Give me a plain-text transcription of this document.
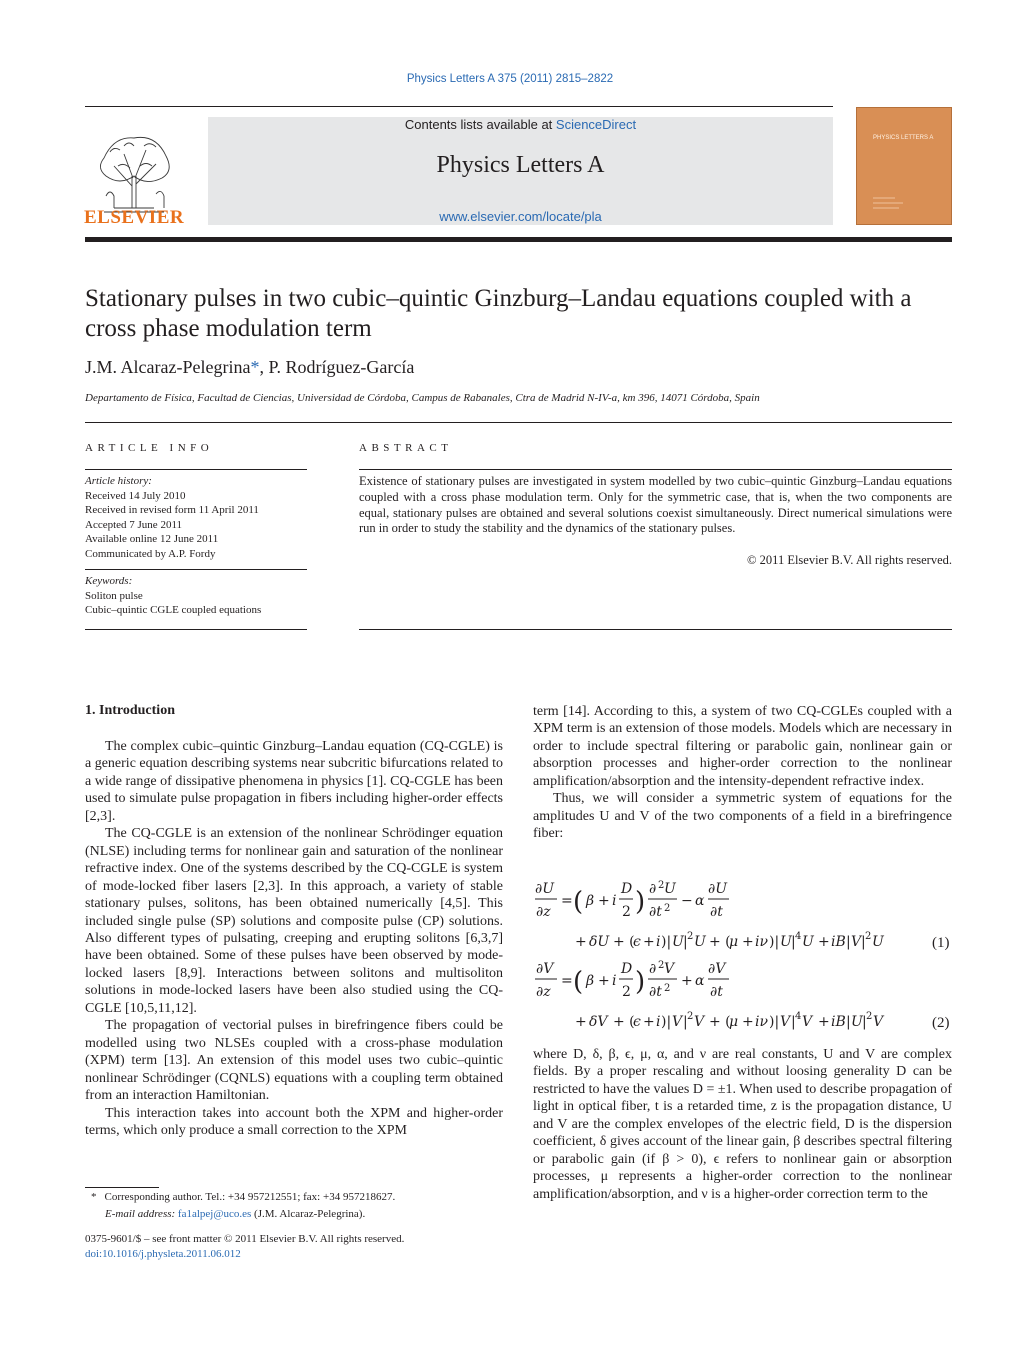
Physics Letters A 375 (2011) 2815–2822
ELSEVIER
Contents lists available at ScienceDirect
Physics Letters A
www.elsevier.com/locate/pla
PHYSICS LETTERS A
Stationary pulses in two cubic–quintic Ginzburg–Landau equations coupled with a cross phase modulation term
J.M. Alcaraz-Pelegrina*, P. Rodríguez-García
Departamento de Física, Facultad de Ciencias, Universidad de Córdoba, Campus de Rabanales, Ctra de Madrid N-IV-a, km 396, 14071 Córdoba, Spain
ARTICLE INFO	ABSTRACT
Article history:
Received 14 July 2010
Received in revised form 11 April 2011
Accepted 7 June 2011
Available online 12 June 2011
Communicated by A.P. Fordy
Keywords:
Soliton pulse
Cubic–quintic CGLE coupled equations
Existence of stationary pulses are investigated in system modelled by two cubic–quintic Ginzburg–Landau equations coupled with a cross phase modulation term. Only for the symmetric case, that is, when the two components are equal, stationary pulses are obtained and several solutions coexist simultaneously. Direct numerical simulations were run in order to study the stability and the dynamics of the stationary pulses.
© 2011 Elsevier B.V. All rights reserved.
1. Introduction

The complex cubic–quintic Ginzburg–Landau equation (CQ-CGLE) is a generic equation describing systems near subcritic bifurcations related to a wide range of dissipative phenomena in physics [1]. CQ-CGLE has been used to simulate pulse propagation in fibers including higher-order effects [2,3].

The CQ-CGLE is an extension of the nonlinear Schrödinger equation (NLSE) including terms for nonlinear gain and saturation of the nonlinear refractive index. One of the systems described by the CQ-CGLE is system of mode-locked fiber lasers [2,3]. In this approach, a variety of stable stationary pulses, solitons, has been obtained numerically [4,5]. This included single pulse (SP) solutions and composite pulse (CP) solutions. Also different types of pulsating, creeping and erupting solitons [6,3,7] have been obtained. Some of these pulses have been observed by mode-locked lasers [8,9]. Interactions between solitons and multisoliton solutions in mode-locked lasers have been also studied using the CQ-CGLE [10,5,11,12].

The propagation of vectorial pulses in birefringence fibers could be modelled using two NLSEs coupled with a cross-phase modulation (XPM) term [13]. An extension of this model uses two cubic–quintic nonlinear Schrödinger (CQNLS) equations with a coupling term obtained from an interaction Hamiltonian.

This interaction takes into account both the XPM and higher-order terms, which only produce a small correction to the XPM

term [14]. According to this, a system of two CQ-CGLEs coupled with a XPM term is an extension of those models. Models which are necessary in order to include spectral filtering or parabolic gain, nonlinear gain or absorption processes and higher-order correction to the nonlinear amplification/absorption and the intensity-dependent refractive index.

Thus, we will consider a symmetric system of equations for the amplitudes U and V of the two components of a field in a birefringence fiber:

∂U
∂z
= ( β + i
D
2 ) ∂ 2 U
∂t 2 − α
∂U
∂t
+ δU + (
ϵ + i )| U | 2 U + (
μ + iν )| U | 4 U + iB | V | 2 U	(1)
∂V
∂z
= ( β + i
D
2 ) ∂ 2 V
∂t 2 + α
∂V
∂t
+ δV + (
ϵ + i )| V | 2 V + (
μ + iν )| V | 4 V + iB | U | 2 V	(2)

where D, δ, β, ϵ, μ, α, and ν are real constants, U and V are complex fields. By a proper rescaling and without loosing generality D can be restricted to have the values D = ±1. When used to describe propagation of light in optical fiber, t is a retarded time, z is the propagation distance, U and V are the complex envelopes of the electric field, D is the dispersion coefficient, δ gives account of the linear gain, β describes spectral filtering or parabolic gain (if β > 0), ϵ refers to nonlinear gain or absorption processes, μ represents a higher-order correction to the nonlinear amplification/absorption, and ν is a higher-order correction term to the

* Corresponding author. Tel.: +34 957212551; fax: +34 957218627.
E-mail address: fa1alpej@uco.es (J.M. Alcaraz-Pelegrina).
0375-9601/$ – see front matter © 2011 Elsevier B.V. All rights reserved.
doi:10.1016/j.physleta.2011.06.012
